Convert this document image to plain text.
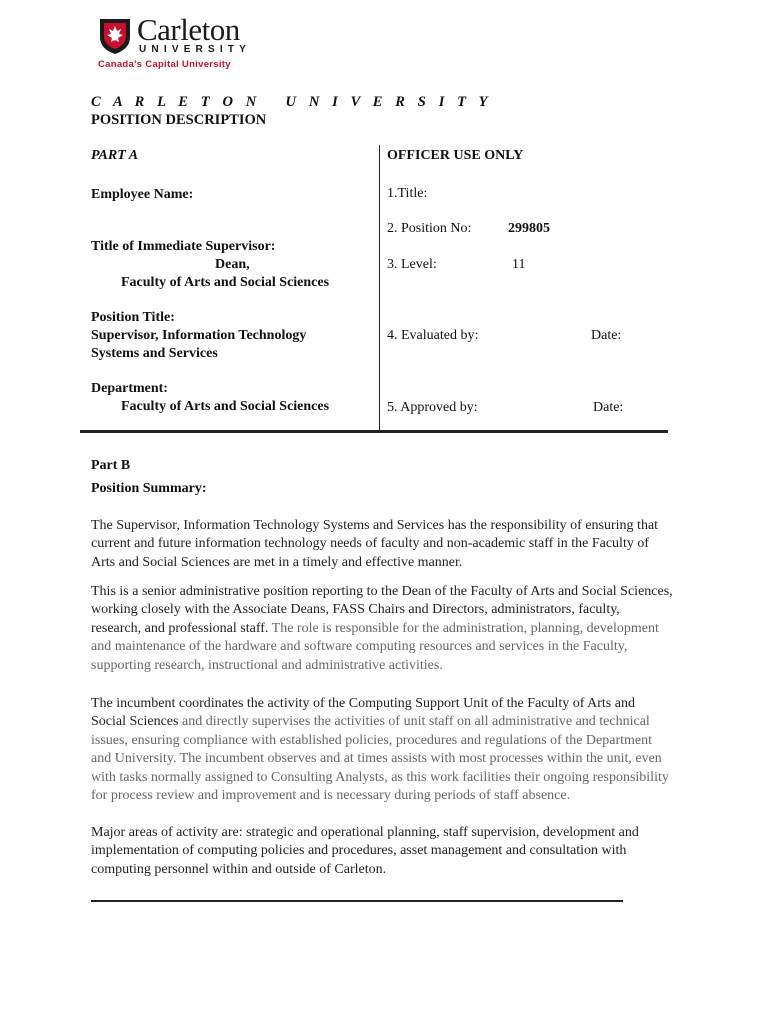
Carleton
UNIVERSITY
Canada's Capital University
C A R L E T O N   U N I V E R S I T Y
POSITION DESCRIPTION
PART A
Employee Name:
Title of Immediate Supervisor:
Dean,
Faculty of Arts and Social Sciences
Position Title:
Supervisor, Information Technology
Systems and Services
Department:
Faculty of Arts and Social Sciences
OFFICER USE ONLY
1.Title:
2. Position No:	299805
3. Level:	11
4. Evaluated by:	Date:
5. Approved by:	Date:
Part B
Position Summary:
The Supervisor, Information Technology Systems and Services has the responsibility of ensuring that
current and future information technology needs of faculty and non-academic staff in the Faculty of
Arts and Social Sciences are met in a timely and effective manner.
This is a senior administrative position reporting to the Dean of the Faculty of Arts and Social Sciences,
working closely with the Associate Deans, FASS Chairs and Directors, administrators, faculty,
research, and professional staff. The role is responsible for the administration, planning, development
and maintenance of the hardware and software computing resources and services in the Faculty,
supporting research, instructional and administrative activities.
The incumbent coordinates the activity of the Computing Support Unit of the Faculty of Arts and
Social Sciences and directly supervises the activities of unit staff on all administrative and technical
issues, ensuring compliance with established policies, procedures and regulations of the Department
and University. The incumbent observes and at times assists with most processes within the unit, even
with tasks normally assigned to Consulting Analysts, as this work facilities their ongoing responsibility
for process review and improvement and is necessary during periods of staff absence.
Major areas of activity are: strategic and operational planning, staff supervision, development and
implementation of computing policies and procedures, asset management and consultation with
computing personnel within and outside of Carleton.
